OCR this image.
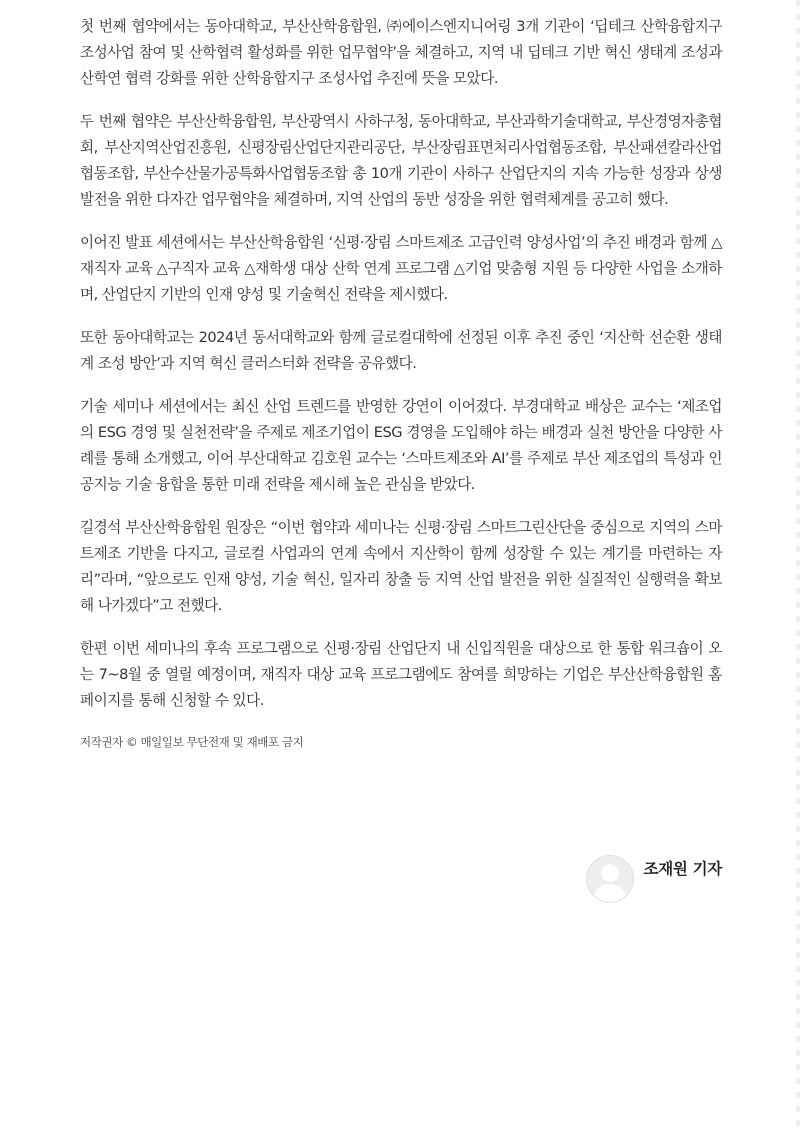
첫 번째 협약에서는 동아대학교, 부산산학융합원, ㈜에이스엔지니어링 3개 기관이 ‘딥테크 산학융합지구 조성사업 참여 및 산학협력 활성화를 위한 업무협약’을 체결하고, 지역 내 딥테크 기반 혁신 생태계 조성과 산학연 협력 강화를 위한 산학융합지구 조성사업 추진에 뜻을 모았다.

두 번째 협약은 부산산학융합원, 부산광역시 사하구청, 동아대학교, 부산과학기술대학교, 부산경영자총협회, 부산지역산업진흥원, 신평장림산업단지관리공단, 부산장림표면처리사업협동조합, 부산패션칼라산업협동조합, 부산수산물가공특화사업협동조합 총 10개 기관이 사하구 산업단지의 지속 가능한 성장과 상생 발전을 위한 다자간 업무협약을 체결하며, 지역 산업의 동반 성장을 위한 협력체계를 공고히 했다.

이어진 발표 세션에서는 부산산학융합원 ‘신평·장림 스마트제조 고급인력 양성사업’의 추진 배경과 함께 △재직자 교육 △구직자 교육 △재학생 대상 산학 연계 프로그램 △기업 맞춤형 지원 등 다양한 사업을 소개하며, 산업단지 기반의 인재 양성 및 기술혁신 전략을 제시했다.

또한 동아대학교는 2024년 동서대학교와 함께 글로컬대학에 선정된 이후 추진 중인 ‘지산학 선순환 생태계 조성 방안’과 지역 혁신 클러스터화 전략을 공유했다.

기술 세미나 세션에서는 최신 산업 트렌드를 반영한 강연이 이어졌다. 부경대학교 배상은 교수는 ‘제조업의 ESG 경영 및 실천전략’을 주제로 제조기업이 ESG 경영을 도입해야 하는 배경과 실천 방안을 다양한 사례를 통해 소개했고, 이어 부산대학교 김호원 교수는 ‘스마트제조와 AI’를 주제로 부산 제조업의 특성과 인공지능 기술 융합을 통한 미래 전략을 제시해 높은 관심을 받았다.

길경석 부산산학융합원 원장은 “이번 협약과 세미나는 신평·장림 스마트그린산단을 중심으로 지역의 스마트제조 기반을 다지고, 글로컬 사업과의 연계 속에서 지산학이 함께 성장할 수 있는 계기를 마련하는 자리”라며, “앞으로도 인재 양성, 기술 혁신, 일자리 창출 등 지역 산업 발전을 위한 실질적인 실행력을 확보해 나가겠다”고 전했다.

한편 이번 세미나의 후속 프로그램으로 신평·장림 산업단지 내 신입직원을 대상으로 한 통합 워크숍이 오는 7~8월 중 열릴 예정이며, 재직자 대상 교육 프로그램에도 참여를 희망하는 기업은 부산산학융합원 홈페이지를 통해 신청할 수 있다.

저작권자 © 매일일보 무단전재 및 재배포 금지

조재원 기자
